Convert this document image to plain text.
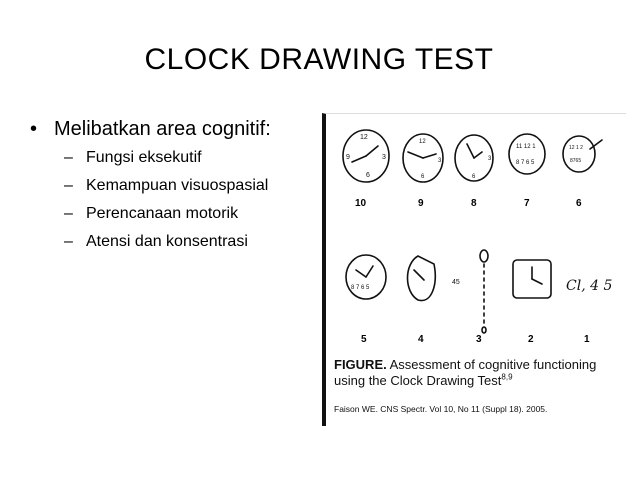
CLOCK DRAWING TEST
• Melibatkan area cognitif:
– Fungsi eksekutif
– Kemampuan visuospasial
– Perencanaan motorik
– Atensi dan konsentrasi
12
3
6
9
12
3
6
3
6
11 12 1
8 7 6 5
12 1 2
8765
8 7 6 5
10	9	8	7	6
5	4	3	2	1
45	Cl, 4 5
FIGURE. Assessment of cognitive functioning using the Clock Drawing Test$^{8,9}$
Faison WE. CNS Spectr. Vol 10, No 11 (Suppl 18). 2005.
